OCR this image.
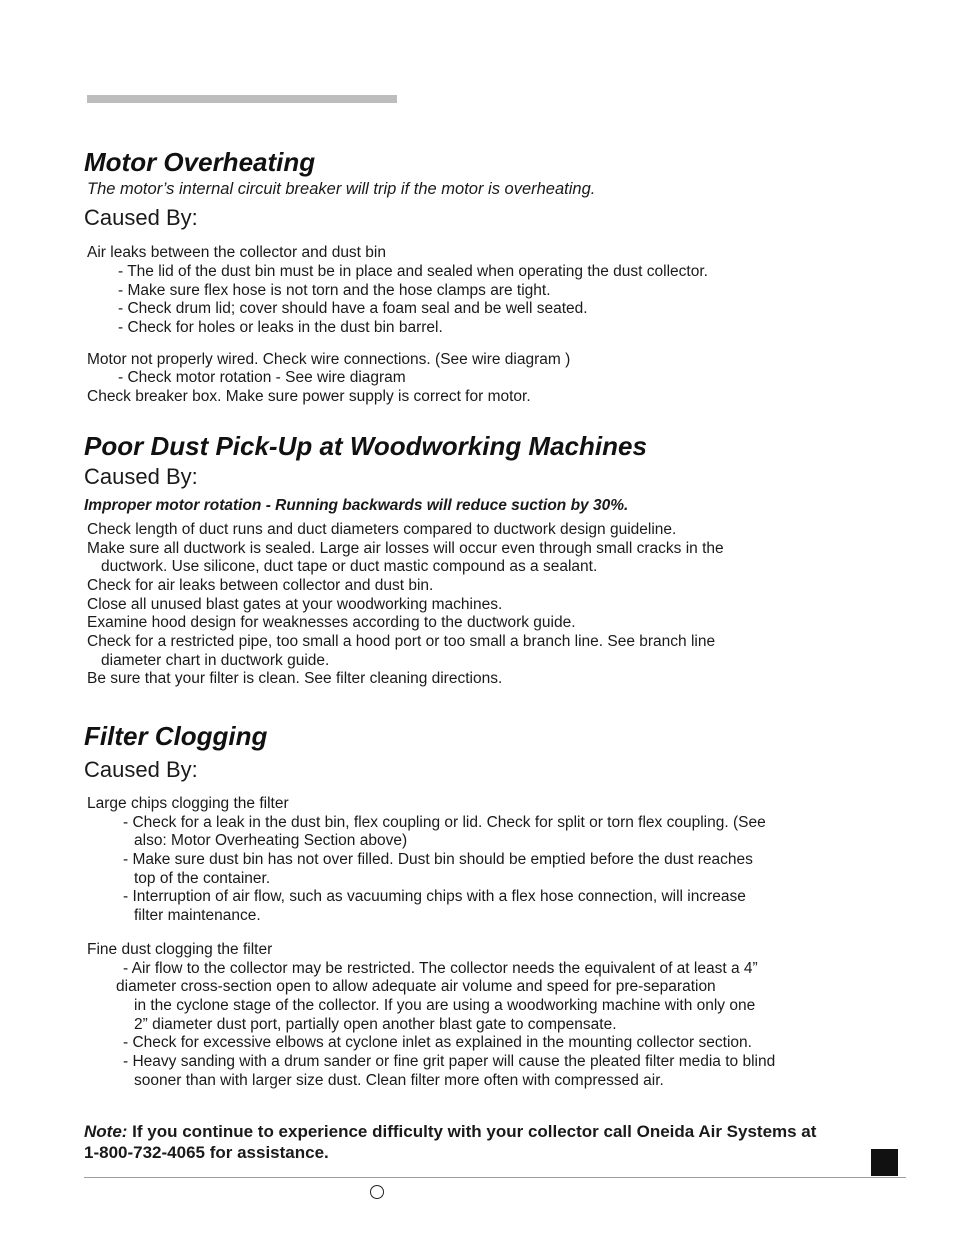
Motor Overheating
The motor’s internal circuit breaker will trip if the motor is overheating.
Caused By:
Air leaks between the collector and dust bin
- The lid of the dust bin must be in place and sealed when operating the dust collector.
- Make sure flex hose is not torn and the hose clamps are tight.
- Check drum lid; cover should have a foam seal and be well seated.
- Check for holes or leaks in the dust bin barrel.
Motor not properly wired. Check wire connections. (See wire diagram )
- Check motor rotation - See wire diagram
Check breaker box. Make sure power supply is correct for motor.
Poor Dust Pick-Up at Woodworking Machines
Caused By:
Improper motor rotation - Running backwards will reduce suction by 30%.
Check length of duct runs and duct diameters compared to ductwork design guideline.
Make sure all ductwork is sealed. Large air losses will occur even through small cracks in the
ductwork. Use silicone, duct tape or duct mastic compound as a sealant.
Check for air leaks between collector and dust bin.
Close all unused blast gates at your woodworking machines.
Examine hood design for weaknesses according to the ductwork guide.
Check for a restricted pipe, too small a hood port or too small a branch line. See branch line
diameter chart in ductwork guide.
Be sure that your filter is clean. See filter cleaning directions.
Filter Clogging
Caused By:
Large chips clogging the filter
- Check for a leak in the dust bin, flex coupling or lid. Check for split or torn flex coupling. (See
also: Motor Overheating Section above)
- Make sure dust bin has not over filled. Dust bin should be emptied before the dust reaches
top of the container.
- Interruption of air flow, such as vacuuming chips with a flex hose connection, will increase
filter maintenance.
Fine dust clogging the filter
- Air flow to the collector may be restricted. The collector needs the equivalent of at least a 4”
diameter cross-section open to allow adequate air volume and speed for pre-separation
in the cyclone stage of the collector. If you are using a woodworking machine with only one
2” diameter dust port, partially open another blast gate to compensate.
- Check for excessive elbows at cyclone inlet as explained in the mounting collector section.
- Heavy sanding with a drum sander or fine grit paper will cause the pleated filter media to blind
sooner than with larger size dust. Clean filter more often with compressed air.
Note: If you continue to experience difficulty with your collector call Oneida Air Systems at
1-800-732-4065 for assistance.
